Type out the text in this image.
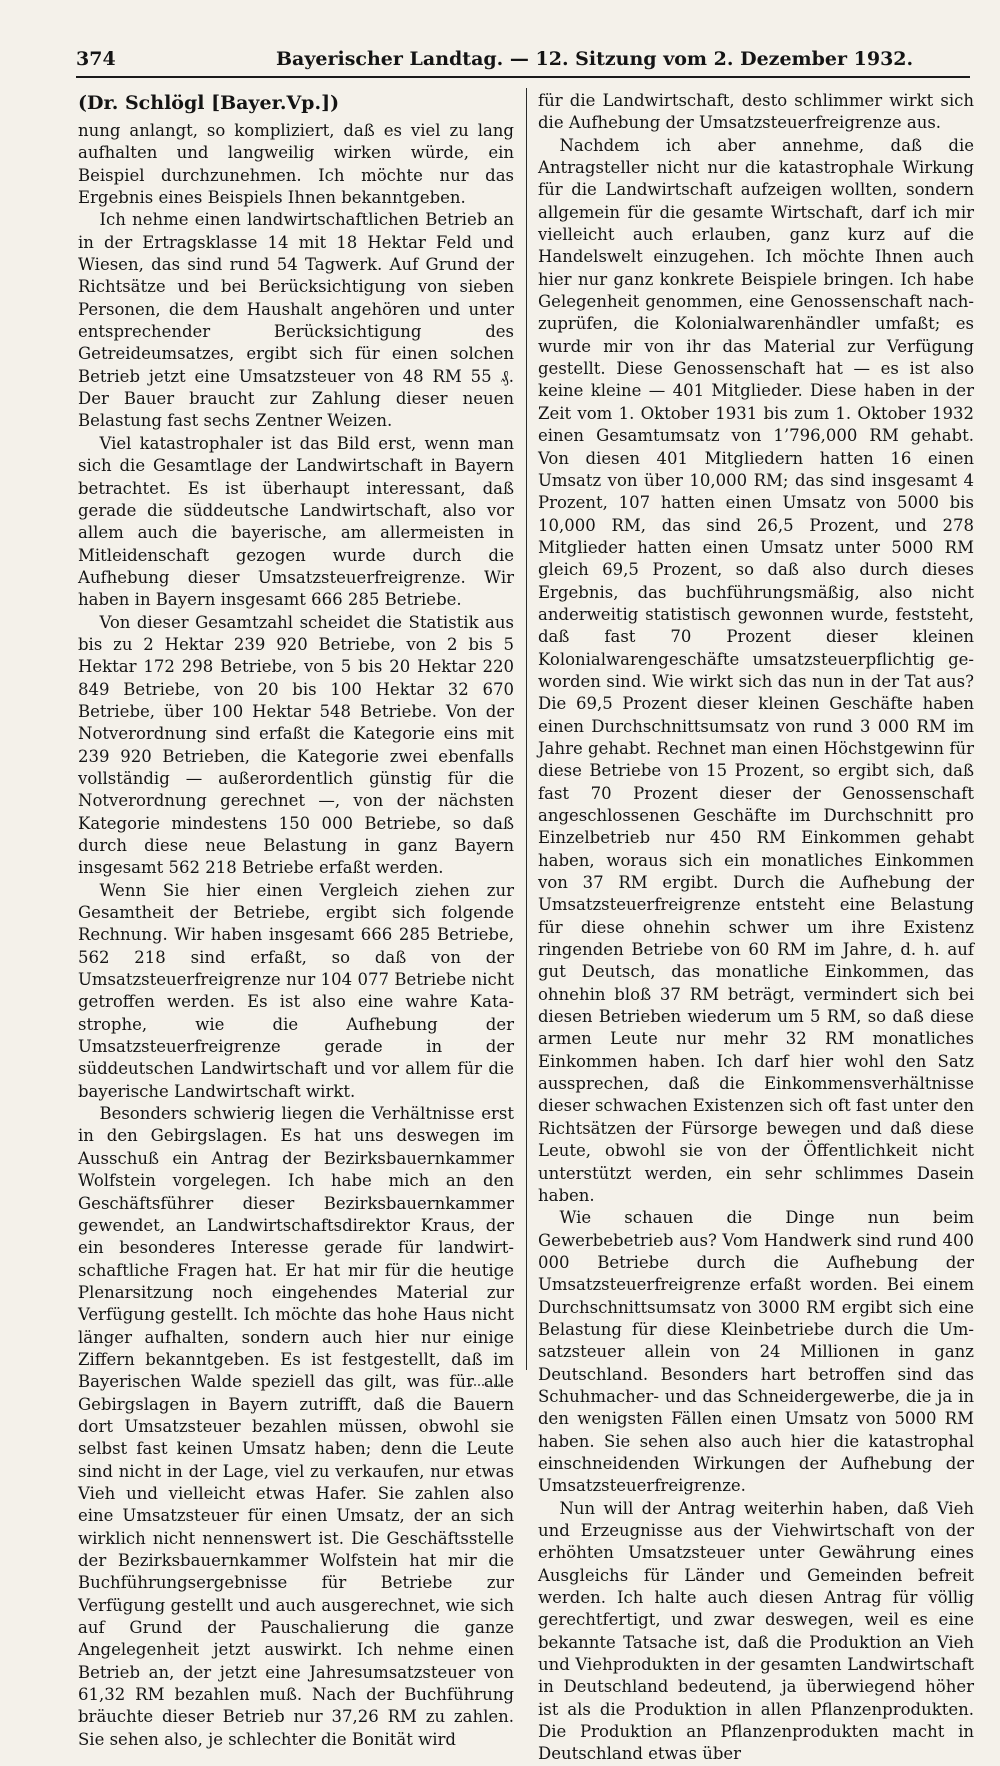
374	Bayerischer Landtag. — 12. Sitzung vom 2. Dezember 1932.
(Dr. Schlögl [Bayer.Vp.])

nung anlangt, so kompliziert, daß es viel zu lang aufhalten und langweilig wirken würde, ein Beispiel durchzunehmen. Ich möchte nur das Ergebnis eines Beispiels Ihnen bekanntgeben.

Ich nehme einen landwirtschaftlichen Betrieb an in der Ertragsklasse 14 mit 18 Hektar Feld und Wiesen, das sind rund 54 Tagwerk. Auf Grund der Richtsätze und bei Berücksichtigung von sieben Personen, die dem Haushalt angehören und unter entsprechender Berücksichtigung des Getreideumsatzes, ergibt sich für einen solchen Betrieb jetzt eine Umsatzsteuer von 48 RM 55 ₰. Der Bauer braucht zur Zahlung dieser neuen Belastung fast sechs Zentner Weizen.

Viel katastrophaler ist das Bild erst, wenn man sich die Gesamtlage der Landwirtschaft in Bayern betrachtet. Es ist überhaupt interessant, daß gerade die süddeutsche Landwirtschaft, also vor allem auch die bayerische, am allermeisten in Mitleidenschaft gezogen wurde durch die Aufhebung dieser Umsatzsteuerfreigrenze. Wir haben in Bayern insgesamt 666 285 Betriebe.

Von dieser Gesamtzahl scheidet die Statistik aus bis zu 2 Hektar 239 920 Betriebe, von 2 bis 5 Hektar 172 298 Betriebe, von 5 bis 20 Hektar 220 849 Betriebe, von 20 bis 100 Hektar 32 670 Betriebe, über 100 Hektar 548 Betriebe. Von der Notverordnung sind erfaßt die Kategorie eins mit 239 920 Betrieben, die Kategorie zwei ebenfalls vollständig — außerordentlich günstig für die Notverordnung gerechnet —, von der nächsten Kategorie mindestens 150 000 Betriebe, so daß durch diese neue Belastung in ganz Bayern insgesamt 562 218 Betriebe erfaßt werden.

Wenn Sie hier einen Vergleich ziehen zur Gesamtheit der Betriebe, ergibt sich folgende Rechnung. Wir haben insgesamt 666 285 Betriebe, 562 218 sind erfaßt, so daß von der Umsatzsteuerfreigrenze nur 104 077 Betriebe nicht getroffen werden. Es ist also eine wahre Katastrophe, wie die Aufhebung der Umsatzsteuerfreigrenze gerade in der süddeutschen Landwirtschaft und vor allem für die bayerische Landwirtschaft wirkt.

Besonders schwierig liegen die Verhältnisse erst in den Gebirgslagen. Es hat uns deswegen im Ausschuß ein Antrag der Bezirksbauernkammer Wolfstein vorgelegen. Ich habe mich an den Geschäftsführer dieser Bezirksbauernkammer gewendet, an Landwirtschaftsdirektor Kraus, der ein besonderes Interesse gerade für landwirtschaftliche Fragen hat. Er hat mir für die heutige Plenarsitzung noch eingehendes Material zur Verfügung gestellt. Ich möchte das hohe Haus nicht länger aufhalten, sondern auch hier nur einige Ziffern bekanntgeben. Es ist festgestellt, daß im Bayerischen Walde speziell das gilt, was für alle Gebirgslagen in Bayern zutrifft, daß die Bauern dort Umsatzsteuer bezahlen müssen, obwohl sie selbst fast keinen Umsatz haben; denn die Leute sind nicht in der Lage, viel zu verkaufen, nur etwas Vieh und vielleicht etwas Hafer. Sie zahlen also eine Umsatzsteuer für einen Umsatz, der an sich wirklich nicht nennenswert ist. Die Geschäftsstelle der Bezirksbauernkammer Wolfstein hat mir die Buchführungsergebnisse für Betriebe zur Verfügung gestellt und auch ausgerechnet, wie sich auf Grund der Pauschalierung die ganze Angelegenheit jetzt auswirkt. Ich nehme einen Betrieb an, der jetzt eine Jahresumsatzsteuer von 61,32 RM bezahlen muß. Nach der Buchführung bräuchte dieser Betrieb nur 37,26 RM zu zahlen. Sie sehen also, je schlechter die Bonität wird

für die Landwirtschaft, desto schlimmer wirkt sich die Aufhebung der Umsatzsteuerfreigrenze aus.

Nachdem ich aber annehme, daß die Antragsteller nicht nur die katastrophale Wirkung für die Landwirtschaft aufzeigen wollten, sondern allgemein für die gesamte Wirtschaft, darf ich mir vielleicht auch erlauben, ganz kurz auf die Handelswelt einzugehen. Ich möchte Ihnen auch hier nur ganz konkrete Beispiele bringen. Ich habe Gelegenheit genommen, eine Genossenschaft nachzuprüfen, die Kolonialwarenhändler umfaßt; es wurde mir von ihr das Material zur Verfügung gestellt. Diese Genossenschaft hat — es ist also keine kleine — 401 Mitglieder. Diese haben in der Zeit vom 1. Oktober 1931 bis zum 1. Oktober 1932 einen Gesamtumsatz von 1’796,000 RM gehabt. Von diesen 401 Mitgliedern hatten 16 einen Umsatz von über 10,000 RM; das sind insgesamt 4 Prozent, 107 hatten einen Umsatz von 5000 bis 10,000 RM, das sind 26,5 Prozent, und 278 Mitglieder hatten einen Umsatz unter 5000 RM gleich 69,5 Prozent, so daß also durch dieses Ergebnis, das buchführungsmäßig, also nicht anderweitig statistisch gewonnen wurde, feststeht, daß fast 70 Prozent dieser kleinen Kolonialwarengeschäfte umsatzsteuerpflichtig geworden sind. Wie wirkt sich das nun in der Tat aus? Die 69,5 Prozent dieser kleinen Geschäfte haben einen Durchschnittsumsatz von rund 3 000 RM im Jahre gehabt. Rechnet man einen Höchstgewinn für diese Betriebe von 15 Prozent, so ergibt sich, daß fast 70 Prozent dieser der Genossenschaft angeschlossenen Geschäfte im Durchschnitt pro Einzelbetrieb nur 450 RM Einkommen gehabt haben, woraus sich ein monatliches Einkommen von 37 RM ergibt. Durch die Aufhebung der Umsatzsteuerfreigrenze entsteht eine Belastung für diese ohnehin schwer um ihre Existenz ringenden Betriebe von 60 RM im Jahre, d. h. auf gut Deutsch, das monatliche Einkommen, das ohnehin bloß 37 RM beträgt, vermindert sich bei diesen Betrieben wiederum um 5 RM, so daß diese armen Leute nur mehr 32 RM monatliches Einkommen haben. Ich darf hier wohl den Satz aussprechen, daß die Einkommensverhältnisse dieser schwachen Existenzen sich oft fast unter den Richtsätzen der Fürsorge bewegen und daß diese Leute, obwohl sie von der Öffentlichkeit nicht unterstützt werden, ein sehr schlimmes Dasein haben.

Wie schauen die Dinge nun beim Gewerbebetrieb aus? Vom Handwerk sind rund 400 000 Betriebe durch die Aufhebung der Umsatzsteuerfreigrenze erfaßt worden. Bei einem Durchschnittsumsatz von 3000 RM ergibt sich eine Belastung für diese Kleinbetriebe durch die Umsatzsteuer allein von 24 Millionen in ganz Deutschland. Besonders hart betroffen sind das Schuhmacher- und das Schneidergewerbe, die ja in den wenigsten Fällen einen Umsatz von 5000 RM haben. Sie sehen also auch hier die katastrophal einschneidenden Wirkungen der Aufhebung der Umsatzsteuerfreigrenze.

Nun will der Antrag weiterhin haben, daß Vieh und Erzeugnisse aus der Viehwirtschaft von der erhöhten Umsatzsteuer unter Gewährung eines Ausgleichs für Länder und Gemeinden befreit werden. Ich halte auch diesen Antrag für völlig gerechtfertigt, und zwar deswegen, weil es eine bekannte Tatsache ist, daß die Produktion an Vieh und Viehprodukten in der gesamten Landwirtschaft in Deutschland bedeutend, ja überwiegend höher ist als die Produktion in allen Pflanzenprodukten. Die Produktion an Pflanzenprodukten macht in Deutschland etwas über
